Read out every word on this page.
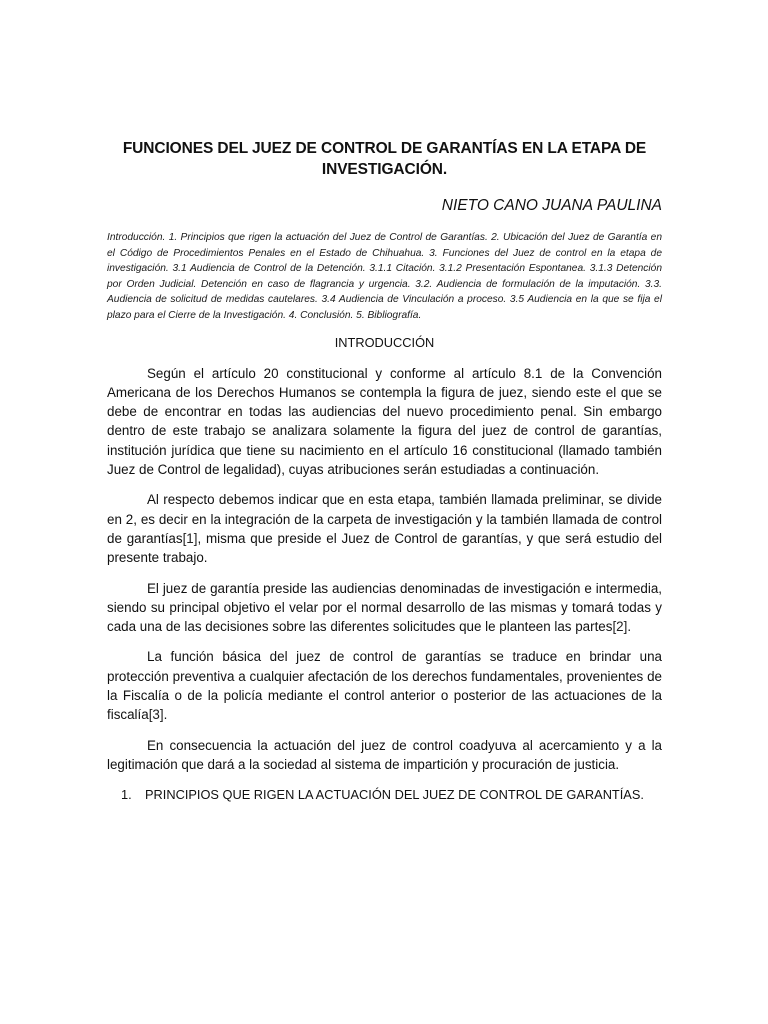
FUNCIONES DEL JUEZ DE CONTROL DE GARANTÍAS EN LA ETAPA DE INVESTIGACIÓN.

NIETO CANO JUANA PAULINA

Introducción. 1. Principios que rigen la actuación del Juez de Control de Garantías. 2. Ubicación del Juez de Garantía en el Código de Procedimientos Penales en el Estado de Chihuahua. 3. Funciones del Juez de control en la etapa de investigación. 3.1 Audiencia de Control de la Detención. 3.1.1 Citación. 3.1.2 Presentación Espontanea. 3.1.3 Detención por Orden Judicial. Detención en caso de flagrancia y urgencia. 3.2. Audiencia de formulación de la imputación. 3.3. Audiencia de solicitud de medidas cautelares. 3.4 Audiencia de Vinculación a proceso. 3.5 Audiencia en la que se fija el plazo para el Cierre de la Investigación. 4. Conclusión. 5. Bibliografía.

INTRODUCCIÓN

Según el artículo 20 constitucional y conforme al artículo 8.1 de la Convención Americana de los Derechos Humanos se contempla la figura de juez, siendo este el que se debe de encontrar en todas las audiencias del nuevo procedimiento penal. Sin embargo dentro de este trabajo se analizara solamente la figura del juez de control de garantías, institución jurídica que tiene su nacimiento en el artículo 16 constitucional (llamado también Juez de Control de legalidad), cuyas atribuciones serán estudiadas a continuación.

Al respecto debemos indicar que en esta etapa, también llamada preliminar, se divide en 2, es decir en la integración de la carpeta de investigación y la también llamada de control de garantías[1], misma que preside el Juez de Control de garantías, y que será estudio del presente trabajo.

El juez de garantía preside las audiencias denominadas de investigación e intermedia, siendo su principal objetivo el velar por el normal desarrollo de las mismas y tomará todas y cada una de las decisiones sobre las diferentes solicitudes que le planteen las partes[2].

La función básica del juez de control de garantías se traduce en brindar una protección preventiva a cualquier afectación de los derechos fundamentales, provenientes de la Fiscalía o de la policía mediante el control anterior o posterior de las actuaciones de la fiscalía[3].

En consecuencia la actuación del juez de control coadyuva al acercamiento y a la legitimación que dará a la sociedad al sistema de impartición y procuración de justicia.

1.	PRINCIPIOS QUE RIGEN LA ACTUACIÓN DEL JUEZ DE CONTROL DE GARANTÍAS.
